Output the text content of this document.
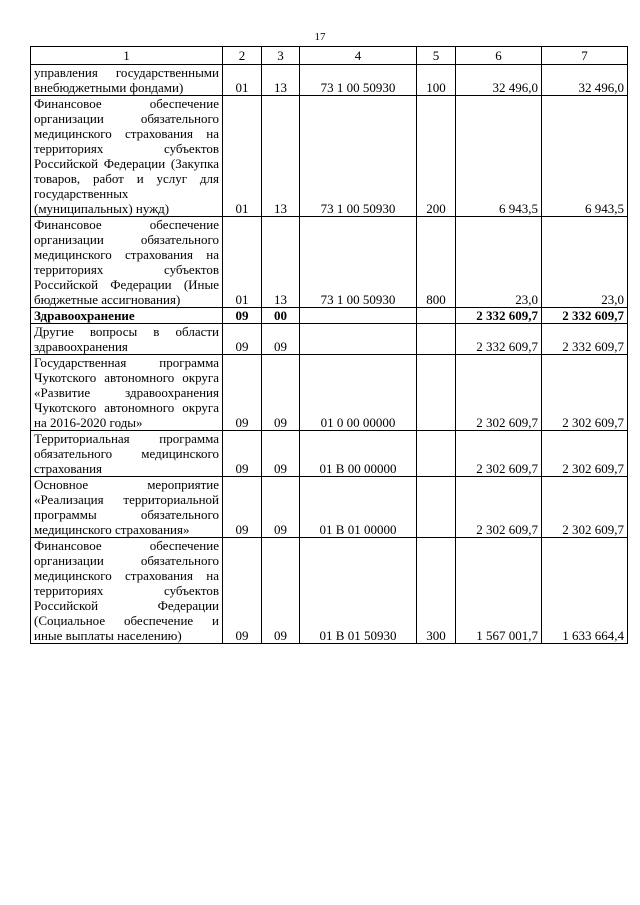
17
1	2	3	4	5	6	7
управления государственными внебюджетными фондами)	01	13	73 1 00 50930	100	32 496,0	32 496,0
Финансовое обеспечение организации обязательного медицинского страхования на территориях субъектов Российской Федерации (Закупка товаров, работ и услуг для государственных (муниципальных) нужд)	01	13	73 1 00 50930	200	6 943,5	6 943,5
Финансовое обеспечение организации обязательного медицинского страхования на территориях субъектов Российской Федерации (Иные бюджетные ассигнования)	01	13	73 1 00 50930	800	23,0	23,0
Здравоохранение	09	00			2 332 609,7	2 332 609,7
Другие вопросы в области здравоохранения	09	09			2 332 609,7	2 332 609,7
Государственная программа Чукотского автономного округа «Развитие здравоохранения Чукотского автономного округа на 2016-2020 годы»	09	09	01 0 00 00000		2 302 609,7	2 302 609,7
Территориальная программа обязательного медицинского страхования	09	09	01 В 00 00000		2 302 609,7	2 302 609,7
Основное мероприятие «Реализация территориальной программы обязательного медицинского страхования»	09	09	01 В 01 00000		2 302 609,7	2 302 609,7
Финансовое обеспечение организации обязательного медицинского страхования на территориях субъектов Российской Федерации (Социальное обеспечение и иные выплаты населению)	09	09	01 В 01 50930	300	1 567 001,7	1 633 664,4
